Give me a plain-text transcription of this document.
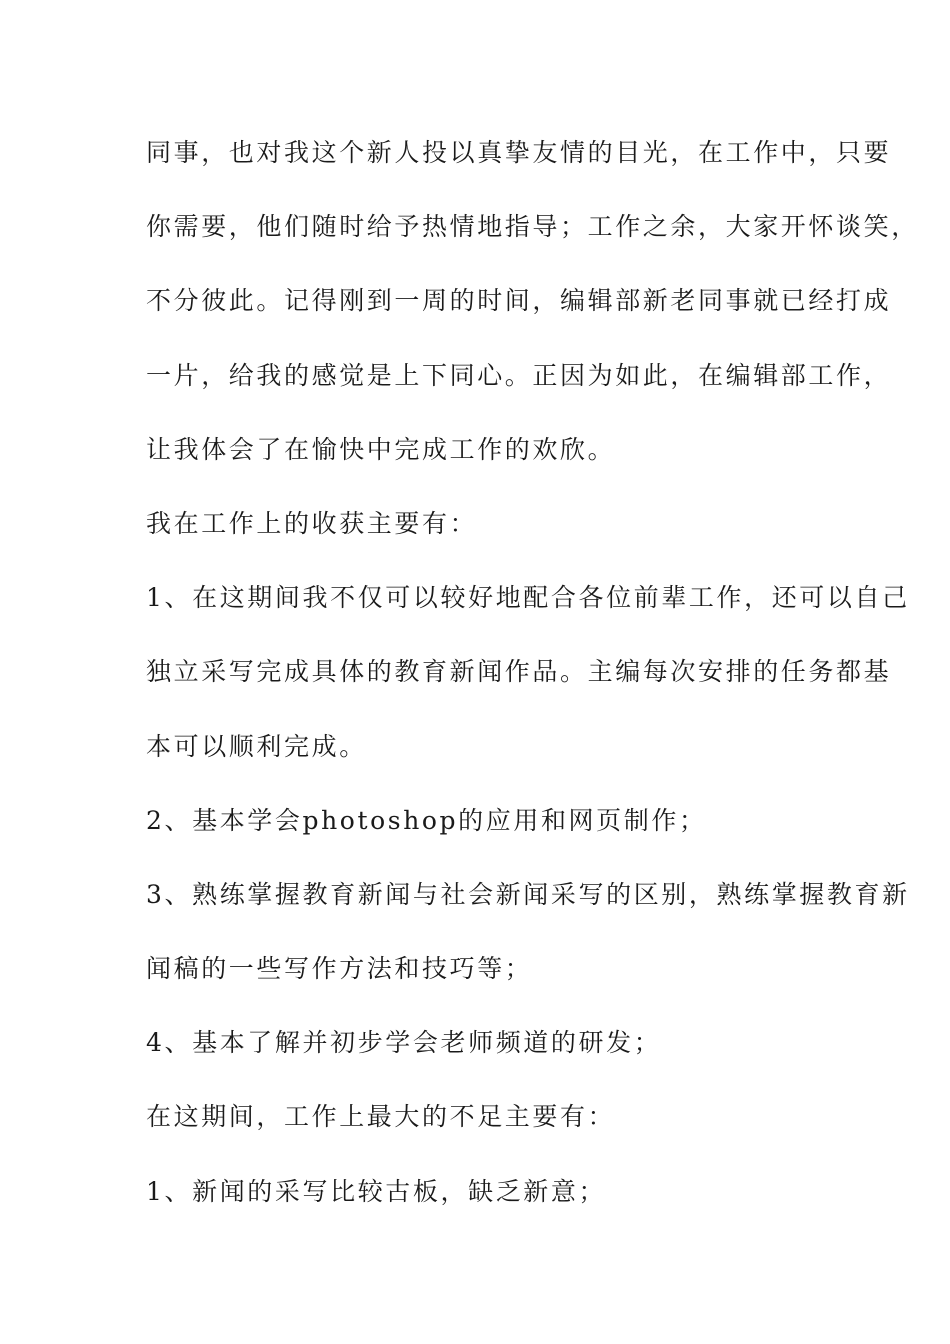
同事，也对我这个新人投以真挚友情的目光，在工作中，只要
你需要，他们随时给予热情地指导；工作之余，大家开怀谈笑，
不分彼此。记得刚到一周的时间，编辑部新老同事就已经打成
一片，给我的感觉是上下同心。正因为如此，在编辑部工作，
让我体会了在愉快中完成工作的欢欣。
我在工作上的收获主要有：
1、在这期间我不仅可以较好地配合各位前辈工作，还可以自己
独立采写完成具体的教育新闻作品。主编每次安排的任务都基
本可以顺利完成。
2、基本学会photoshop的应用和网页制作；
3、熟练掌握教育新闻与社会新闻采写的区别，熟练掌握教育新
闻稿的一些写作方法和技巧等；
4、基本了解并初步学会老师频道的研发；
在这期间，工作上最大的不足主要有：
1、新闻的采写比较古板，缺乏新意；
